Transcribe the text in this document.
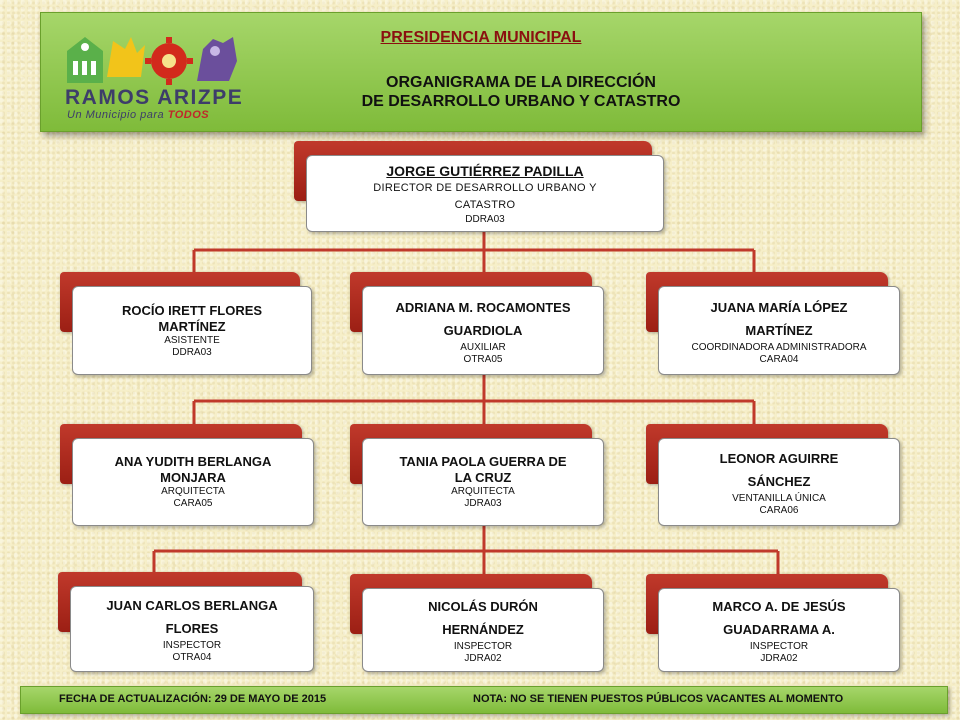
RAMOS ARIZPE
Un Municipio para TODOS
PRESIDENCIA MUNICIPAL
ORGANIGRAMA DE LA DIRECCIÓN
DE DESARROLLO URBANO Y CATASTRO
JORGE GUTIÉRREZ PADILLA
DIRECTOR DE DESARROLLO URBANO Y
CATASTRO
DDRA03
ROCÍO IRETT FLORES
MARTÍNEZ
ASISTENTE
DDRA03
ADRIANA M. ROCAMONTES
GUARDIOLA
AUXILIAR
OTRA05
JUANA MARÍA LÓPEZ
MARTÍNEZ
COORDINADORA ADMINISTRADORA
CARA04
ANA YUDITH BERLANGA
MONJARA
ARQUITECTA
CARA05
TANIA PAOLA GUERRA DE
LA CRUZ
ARQUITECTA
JDRA03
LEONOR AGUIRRE
SÁNCHEZ
VENTANILLA ÚNICA
CARA06
JUAN CARLOS BERLANGA
FLORES
INSPECTOR
OTRA04
NICOLÁS DURÓN
HERNÁNDEZ
INSPECTOR
JDRA02
MARCO A. DE JESÚS
GUADARRAMA A.
INSPECTOR
JDRA02
FECHA DE ACTUALIZACIÓN: 29 DE MAYO DE 2015	NOTA: NO SE TIENEN PUESTOS PÚBLICOS VACANTES AL MOMENTO
